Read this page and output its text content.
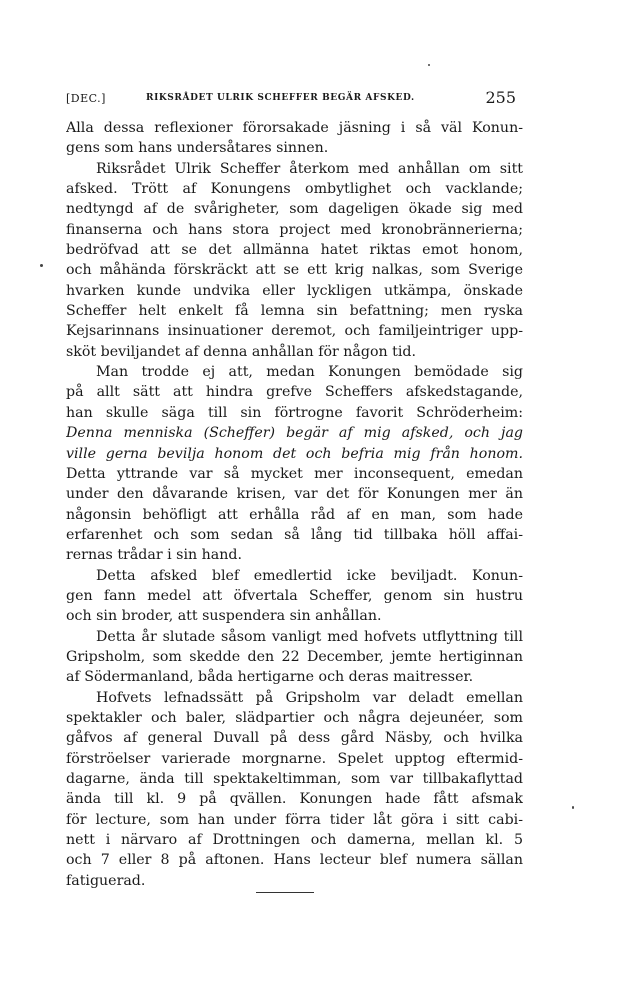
[DEC.]	RIKSRÅDET ULRIK SCHEFFER BEGÄR AFSKED.	255
Alla dessa reflexioner förorsakade jäsning i så väl Konun-
gens som hans undersåtares sinnen.
Riksrådet Ulrik Scheffer återkom med anhållan om sitt
afsked. Trött af Konungens ombytlighet och vacklande;
nedtyngd af de svårigheter, som dageligen ökade sig med
finanserna och hans stora project med kronobrännerierna;
bedröfvad att se det allmänna hatet riktas emot honom,
och måhända förskräckt att se ett krig nalkas, som Sverige
hvarken kunde undvika eller lyckligen utkämpa, önskade
Scheffer helt enkelt få lemna sin befattning; men ryska
Kejsarinnans insinuationer deremot, och familjeintriger upp-
sköt beviljandet af denna anhållan för någon tid.
Man trodde ej att, medan Konungen bemödade sig
på allt sätt att hindra grefve Scheffers afskedstagande,
han skulle säga till sin förtrogne favorit Schröderheim:
Denna menniska (Scheffer) begär af mig afsked, och jag
ville gerna bevilja honom det och befria mig från honom.
Detta yttrande var så mycket mer inconsequent, emedan
under den dåvarande krisen, var det för Konungen mer än
någonsin behöfligt att erhålla råd af en man, som hade
erfarenhet och som sedan så lång tid tillbaka höll affai-
rernas trådar i sin hand.
Detta afsked blef emedlertid icke beviljadt. Konun-
gen fann medel att öfvertala Scheffer, genom sin hustru
och sin broder, att suspendera sin anhållan.
Detta år slutade såsom vanligt med hofvets utflyttning till
Gripsholm, som skedde den 22 December, jemte hertiginnan
af Södermanland, båda hertigarne och deras maitresser.
Hofvets lefnadssätt på Gripsholm var deladt emellan
spektakler och baler, slädpartier och några dejeunéer, som
gåfvos af general Duvall på dess gård Näsby, och hvilka
förströelser varierade morgnarne. Spelet upptog eftermid-
dagarne, ända till spektakeltimman, som var tillbakaflyttad
ända till kl. 9 på qvällen. Konungen hade fått afsmak
för lecture, som han under förra tider låt göra i sitt cabi-
nett i närvaro af Drottningen och damerna, mellan kl. 5
och 7 eller 8 på aftonen. Hans lecteur blef numera sällan
fatiguerad.
